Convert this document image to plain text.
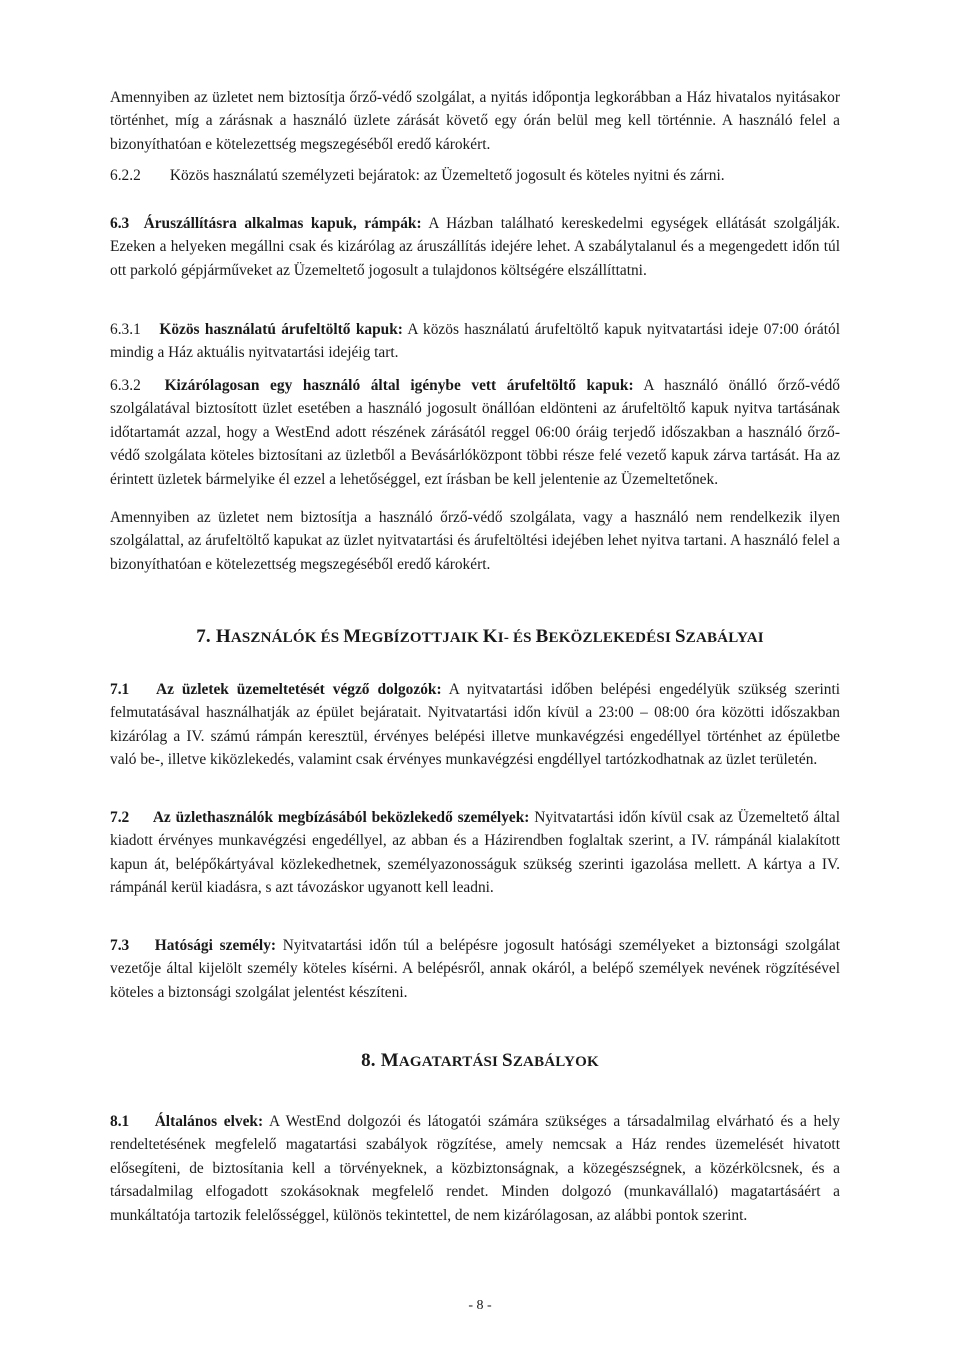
Amennyiben az üzletet nem biztosítja őrző-védő szolgálat, a nyitás időpontja legkorábban a Ház hivatalos nyitásakor történhet, míg a zárásnak a használó üzlete zárását követő egy órán belül meg kell történnie. A használó felel a bizonyíthatóan e kötelezettség megszegéséből eredő károkért.

6.2.2 Közös használatú személyzeti bejáratok: az Üzemeltető jogosult és köteles nyitni és zárni.

6.3 Áruszállításra alkalmas kapuk, rámpák: A Házban található kereskedelmi egységek ellátását szolgálják. Ezeken a helyeken megállni csak és kizárólag az áruszállítás idejére lehet. A szabálytalanul és a megengedett időn túl ott parkoló gépjárműveket az Üzemeltető jogosult a tulajdonos költségére elszállíttatni.

6.3.1 Közös használatú árufeltöltő kapuk: A közös használatú árufeltöltő kapuk nyitvatartási ideje 07:00 órától mindig a Ház aktuális nyitvatartási idejéig tart.

6.3.2 Kizárólagosan egy használó által igénybe vett árufeltöltő kapuk: A használó önálló őrző-védő szolgálatával biztosított üzlet esetében a használó jogosult önállóan eldönteni az árufeltöltő kapuk nyitva tartásának időtartamát azzal, hogy a WestEnd adott részének zárásától reggel 06:00 óráig terjedő időszakban a használó őrző-védő szolgálata köteles biztosítani az üzletből a Bevásárlóközpont többi része felé vezető kapuk zárva tartását. Ha az érintett üzletek bármelyike él ezzel a lehetőséggel, ezt írásban be kell jelentenie az Üzemeltetőnek.

Amennyiben az üzletet nem biztosítja a használó őrző-védő szolgálata, vagy a használó nem rendelkezik ilyen szolgálattal, az árufeltöltő kapukat az üzlet nyitvatartási és árufeltöltési idejében lehet nyitva tartani. A használó felel a bizonyíthatóan e kötelezettség megszegéséből eredő károkért.

7. HASZNÁLÓK ÉS MEGBÍZOTTJAIK KI- ÉS BEKÖZLEKEDÉSI SZABÁLYAI

7.1 Az üzletek üzemeltetését végző dolgozók: A nyitvatartási időben belépési engedélyük szükség szerinti felmutatásával használhatják az épület bejáratait. Nyitvatartási időn kívül a 23:00 – 08:00 óra közötti időszakban kizárólag a IV. számú rámpán keresztül, érvényes belépési illetve munkavégzési engedéllyel történhet az épületbe való be-, illetve kiközlekedés, valamint csak érvényes munkavégzési engdéllyel tartózkodhatnak az üzlet területén.

7.2 Az üzlethasználók megbízásából beközlekedő személyek: Nyitvatartási időn kívül csak az Üzemeltető által kiadott érvényes munkavégzési engedéllyel, az abban és a Házirendben foglaltak szerint, a IV. rámpánál kialakított kapun át, belépőkártyával közlekedhetnek, személyazonosságuk szükség szerinti igazolása mellett. A kártya a IV. rámpánál kerül kiadásra, s azt távozáskor ugyanott kell leadni.

7.3 Hatósági személy: Nyitvatartási időn túl a belépésre jogosult hatósági személyeket a biztonsági szolgálat vezetője által kijelölt személy köteles kísérni. A belépésről, annak okáról, a belépő személyek nevének rögzítésével köteles a biztonsági szolgálat jelentést készíteni.

8. MAGATARTÁSI SZABÁLYOK

8.1 Általános elvek: A WestEnd dolgozói és látogatói számára szükséges a társadalmilag elvárható és a hely rendeltetésének megfelelő magatartási szabályok rögzítése, amely nemcsak a Ház rendes üzemelését hivatott elősegíteni, de biztosítania kell a törvényeknek, a közbiztonságnak, a közegészségnek, a közérkölcsnek, és a társadalmilag elfogadott szokásoknak megfelelő rendet. Minden dolgozó (munkavállaló) magatartásáért a munkáltatója tartozik felelősséggel, különös tekintettel, de nem kizárólagosan, az alábbi pontok szerint.

- 8 -
